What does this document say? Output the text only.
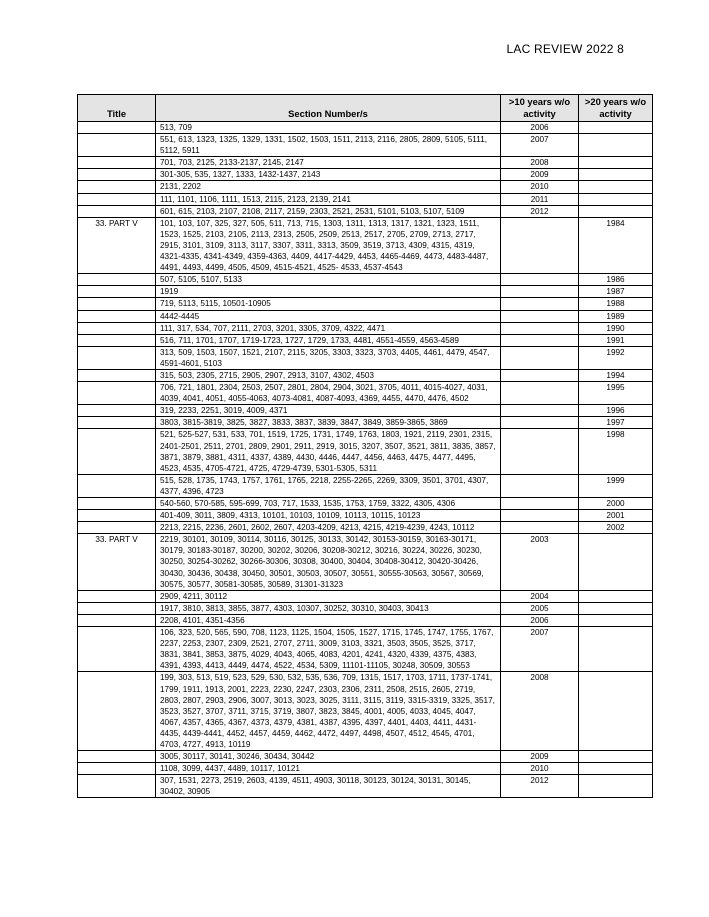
LAC REVIEW 2022 8
Title	Section Number/s	>10 years w/o activity	>20 years w/o activity
	513, 709	2006	
	551, 613, 1323, 1325, 1329, 1331, 1502, 1503, 1511, 2113, 2116, 2805, 2809, 5105, 5111, 5112, 5911	2007	
	701, 703, 2125, 2133-2137, 2145, 2147	2008	
	301-305, 535, 1327, 1333, 1432-1437, 2143	2009	
	2131, 2202	2010	
	111, 1101, 1106, 1111, 1513, 2115, 2123, 2139, 2141	2011	
	601, 615, 2103, 2107, 2108, 2117, 2159, 2303, 2521, 2531, 5101, 5103, 5107, 5109	2012	
33. PART V	101, 103, 107, 325, 327, 505, 511, 713, 715, 1303, 1311, 1313, 1317, 1321, 1323, 1511, 1523, 1525, 2103, 2105, 2113, 2313, 2505, 2509, 2513, 2517, 2705, 2709, 2713, 2717, 2915, 3101, 3109, 3113, 3117, 3307, 3311, 3313, 3509, 3519, 3713, 4309, 4315, 4319, 4321-4335, 4341-4349, 4359-4363, 4409, 4417-4429, 4453, 4465-4469, 4473, 4483-4487, 4491, 4493, 4499, 4505, 4509, 4515-4521, 4525- 4533, 4537-4543		1984
	507, 5105, 5107, 5133		1986
	1919		1987
	719, 5113, 5115, 10501-10905		1988
	4442-4445		1989
	111, 317, 534, 707, 2111, 2703, 3201, 3305, 3709, 4322, 4471		1990
	516, 711, 1701, 1707, 1719-1723, 1727, 1729, 1733, 4481, 4551-4559, 4563-4589		1991
	313, 509, 1503, 1507, 1521, 2107, 2115, 3205, 3303, 3323, 3703, 4405, 4461, 4479, 4547, 4591-4601, 5103		1992
	315, 503, 2305, 2715, 2905, 2907, 2913, 3107, 4302, 4503		1994
	706, 721, 1801, 2304, 2503, 2507, 2801, 2804, 2904, 3021, 3705, 4011, 4015-4027, 4031, 4039, 4041, 4051, 4055-4063, 4073-4081, 4087-4093, 4369, 4455, 4470, 4476, 4502		1995
	319, 2233, 2251, 3019, 4009, 4371		1996
	3803, 3815-3819, 3825, 3827, 3833, 3837, 3839, 3847, 3849, 3859-3865, 3869		1997
	521, 525-527, 531, 533, 701, 1519, 1725, 1731, 1749, 1763, 1803, 1921, 2119, 2301, 2315, 2401-2501, 2511, 2701, 2809, 2901, 2911, 2919, 3015, 3207, 3507, 3521, 3811, 3835, 3857, 3871, 3879, 3881, 4311, 4337, 4389, 4430, 4446, 4447, 4456, 4463, 4475, 4477, 4495, 4523, 4535, 4705-4721, 4725, 4729-4739, 5301-5305, 5311		1998
	515, 528, 1735, 1743, 1757, 1761, 1765, 2218, 2255-2265, 2269, 3309, 3501, 3701, 4307, 4377, 4396, 4723		1999
	540-560, 570-585, 595-699, 703, 717, 1533, 1535, 1753, 1759, 3322, 4305, 4306		2000
	401-409, 3011, 3809, 4313, 10101, 10103, 10109, 10113, 10115, 10123		2001
	2213, 2215, 2236, 2601, 2602, 2607, 4203-4209, 4213, 4215, 4219-4239, 4243, 10112		2002
33. PART V	2219, 30101, 30109, 30114, 30116, 30125, 30133, 30142, 30153-30159, 30163-30171, 30179, 30183-30187, 30200, 30202, 30206, 30208-30212, 30216, 30224, 30226, 30230, 30250, 30254-30262, 30266-30306, 30308, 30400, 30404, 30408-30412, 30420-30426, 30430, 30436, 30438, 30450, 30501, 30503, 30507, 30551, 30555-30563, 30567, 30569, 30575, 30577, 30581-30585, 30589, 31301-31323	2003	
	2909, 4211, 30112	2004	
	1917, 3810, 3813, 3855, 3877, 4303, 10307, 30252, 30310, 30403, 30413	2005	
	2208, 4101, 4351-4356	2006	
	106, 323, 520, 565, 590, 708, 1123, 1125, 1504, 1505, 1527, 1715, 1745, 1747, 1755, 1767, 2237, 2253, 2307, 2309, 2521, 2707, 2711, 3009, 3103, 3321, 3503, 3505, 3525, 3717, 3831, 3841, 3853, 3875, 4029, 4043, 4065, 4083, 4201, 4241, 4320, 4339, 4375, 4383, 4391, 4393, 4413, 4449, 4474, 4522, 4534, 5309, 11101-11105, 30248, 30509, 30553	2007	
	199, 303, 513, 519, 523, 529, 530, 532, 535, 536, 709, 1315, 1517, 1703, 1711, 1737-1741, 1799, 1911, 1913, 2001, 2223, 2230, 2247, 2303, 2306, 2311, 2508, 2515, 2605, 2719, 2803, 2807, 2903, 2906, 3007, 3013, 3023, 3025, 3111, 3115, 3119, 3315-3319, 3325, 3517, 3523, 3527, 3707, 3711, 3715, 3719, 3807, 3823, 3845, 4001, 4005, 4033, 4045, 4047, 4067, 4357, 4365, 4367, 4373, 4379, 4381, 4387, 4395, 4397, 4401, 4403, 4411, 4431-4435, 4439-4441, 4452, 4457, 4459, 4462, 4472, 4497, 4498, 4507, 4512, 4545, 4701, 4703, 4727, 4913, 10119	2008	
	3005, 30117, 30141, 30246, 30434, 30442	2009	
	1108, 3099, 4437, 4489, 10117, 10121	2010	
	307, 1531, 2273, 2519, 2603, 4139, 4511, 4903, 30118, 30123, 30124, 30131, 30145, 30402, 30905	2012	
